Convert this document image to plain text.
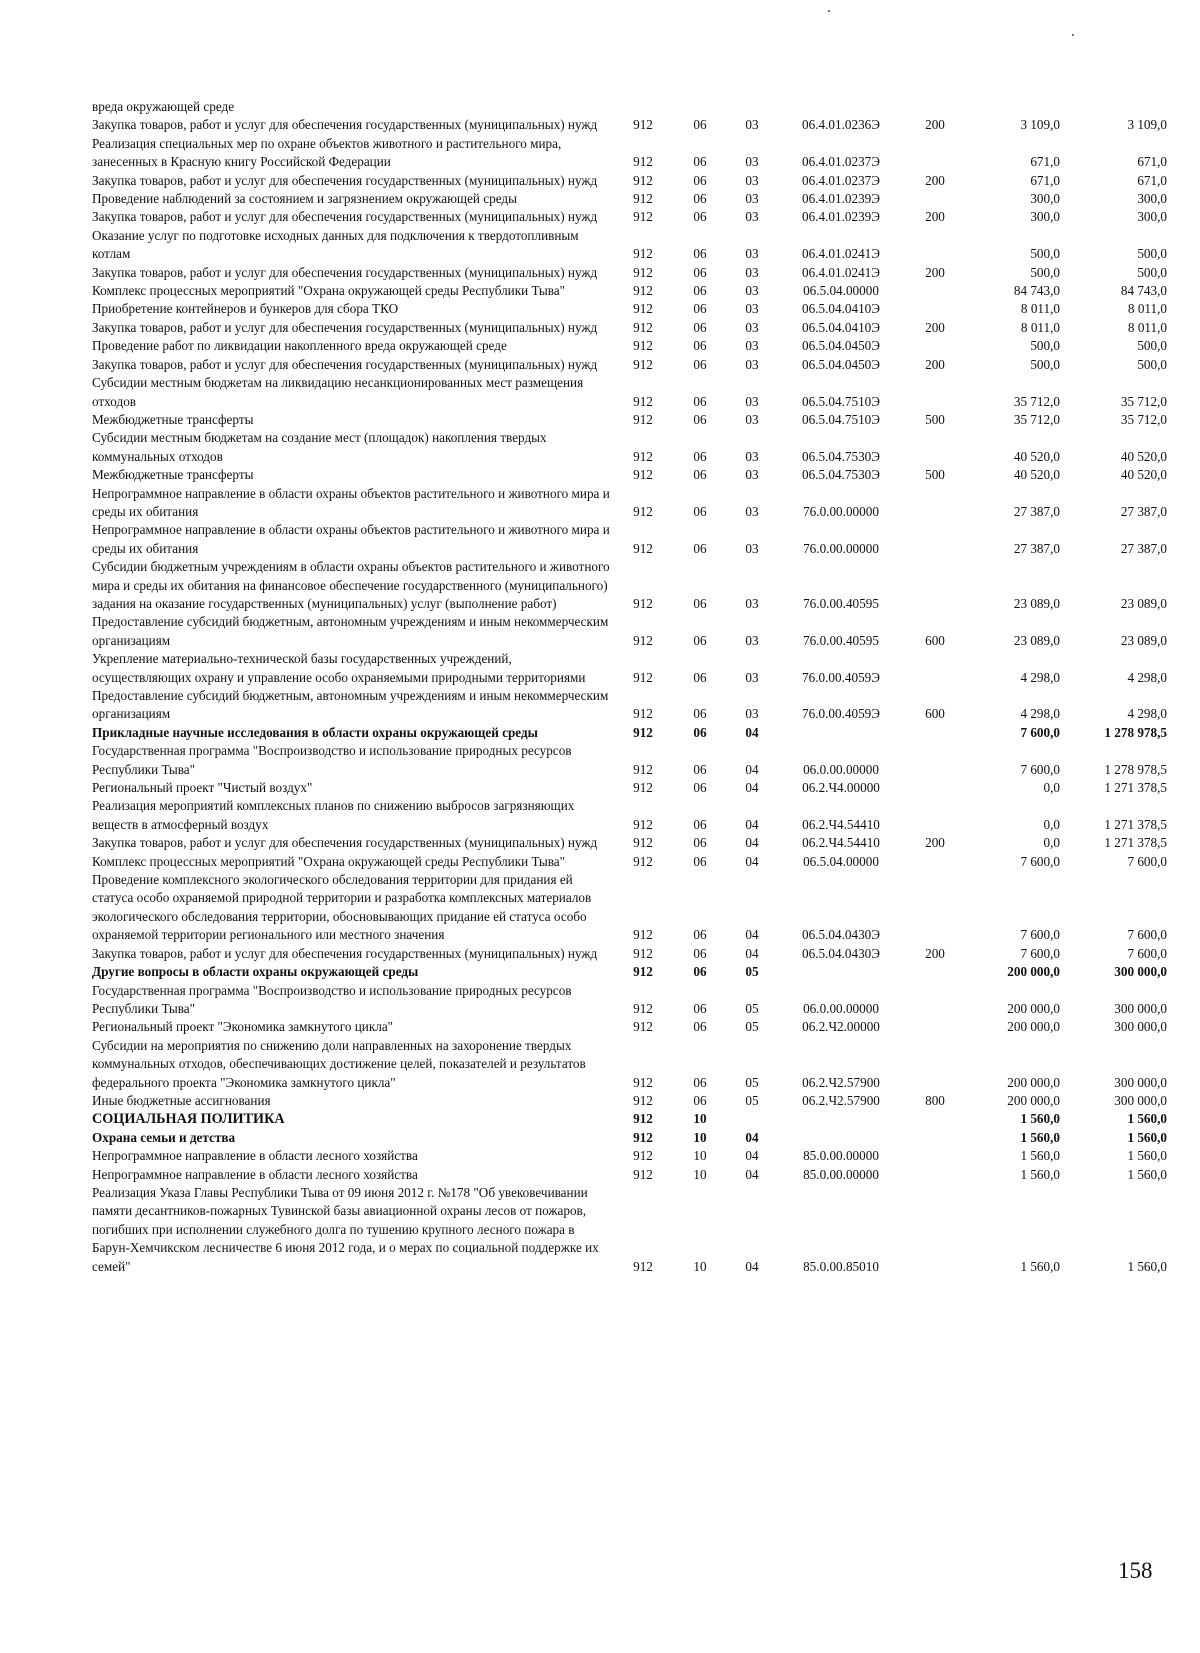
вреда окружающей среде							
Закупка товаров, работ и услуг для обеспечения государственных (муниципальных) нужд	912	06	03	06.4.01.0236Э	200	3 109,0	3 109,0
Реализация специальных мер по охране объектов животного и растительного мира, занесенных в Красную книгу Российской Федерации	912	06	03	06.4.01.0237Э		671,0	671,0
Закупка товаров, работ и услуг для обеспечения государственных (муниципальных) нужд	912	06	03	06.4.01.0237Э	200	671,0	671,0
Проведение наблюдений за состоянием и загрязнением окружающей среды	912	06	03	06.4.01.0239Э		300,0	300,0
Закупка товаров, работ и услуг для обеспечения государственных (муниципальных) нужд	912	06	03	06.4.01.0239Э	200	300,0	300,0
Оказание услуг по подготовке исходных данных для подключения к твердотопливным котлам	912	06	03	06.4.01.0241Э		500,0	500,0
Закупка товаров, работ и услуг для обеспечения государственных (муниципальных) нужд	912	06	03	06.4.01.0241Э	200	500,0	500,0
Комплекс процессных мероприятий "Охрана окружающей среды Республики Тыва"	912	06	03	06.5.04.00000		84 743,0	84 743,0
Приобретение контейнеров и бункеров для сбора ТКО	912	06	03	06.5.04.0410Э		8 011,0	8 011,0
Закупка товаров, работ и услуг для обеспечения государственных (муниципальных) нужд	912	06	03	06.5.04.0410Э	200	8 011,0	8 011,0
Проведение работ по ликвидации накопленного вреда окружающей среде	912	06	03	06.5.04.0450Э		500,0	500,0
Закупка товаров, работ и услуг для обеспечения государственных (муниципальных) нужд	912	06	03	06.5.04.0450Э	200	500,0	500,0
Субсидии местным бюджетам на ликвидацию несанкционированных мест размещения отходов	912	06	03	06.5.04.7510Э		35 712,0	35 712,0
Межбюджетные трансферты	912	06	03	06.5.04.7510Э	500	35 712,0	35 712,0
Субсидии местным бюджетам на создание мест (площадок) накопления твердых коммунальных отходов	912	06	03	06.5.04.7530Э		40 520,0	40 520,0
Межбюджетные трансферты	912	06	03	06.5.04.7530Э	500	40 520,0	40 520,0
Непрограммное направление в области охраны объектов растительного и животного мира и среды их обитания	912	06	03	76.0.00.00000		27 387,0	27 387,0
Непрограммное направление в области охраны объектов растительного и животного мира и среды их обитания	912	06	03	76.0.00.00000		27 387,0	27 387,0
Субсидии бюджетным учреждениям в области охраны объектов растительного и животного мира и среды их обитания на финансовое обеспечение государственного (муниципального) задания на оказание государственных (муниципальных) услуг (выполнение работ)	912	06	03	76.0.00.40595		23 089,0	23 089,0
Предоставление субсидий бюджетным, автономным учреждениям и иным некоммерческим организациям	912	06	03	76.0.00.40595	600	23 089,0	23 089,0
Укрепление материально-технической базы государственных учреждений, осуществляющих охрану и управление особо охраняемыми природными территориями	912	06	03	76.0.00.4059Э		4 298,0	4 298,0
Предоставление субсидий бюджетным, автономным учреждениям и иным некоммерческим организациям	912	06	03	76.0.00.4059Э	600	4 298,0	4 298,0
Прикладные научные исследования в области охраны окружающей среды	912	06	04			7 600,0	1 278 978,5
Государственная программа "Воспроизводство и использование природных ресурсов Республики Тыва"	912	06	04	06.0.00.00000		7 600,0	1 278 978,5
Региональный проект "Чистый воздух"	912	06	04	06.2.Ч4.00000		0,0	1 271 378,5
Реализация мероприятий комплексных планов по снижению выбросов загрязняющих веществ в атмосферный воздух	912	06	04	06.2.Ч4.54410		0,0	1 271 378,5
Закупка товаров, работ и услуг для обеспечения государственных (муниципальных) нужд	912	06	04	06.2.Ч4.54410	200	0,0	1 271 378,5
Комплекс процессных мероприятий "Охрана окружающей среды Республики Тыва"	912	06	04	06.5.04.00000		7 600,0	7 600,0
Проведение комплексного экологического обследования территории для придания ей статуса особо охраняемой природной территории и разработка комплексных материалов экологического обследования территории, обосновывающих придание ей статуса особо охраняемой территории регионального или местного значения	912	06	04	06.5.04.0430Э		7 600,0	7 600,0
Закупка товаров, работ и услуг для обеспечения государственных (муниципальных) нужд	912	06	04	06.5.04.0430Э	200	7 600,0	7 600,0
Другие вопросы в области охраны окружающей среды	912	06	05			200 000,0	300 000,0
Государственная программа "Воспроизводство и использование природных ресурсов Республики Тыва"	912	06	05	06.0.00.00000		200 000,0	300 000,0
Региональный проект "Экономика замкнутого цикла"	912	06	05	06.2.Ч2.00000		200 000,0	300 000,0
Субсидии на мероприятия по снижению доли направленных на захоронение твердых коммунальных отходов, обеспечивающих достижение целей, показателей и результатов федерального проекта "Экономика замкнутого цикла"	912	06	05	06.2.Ч2.57900		200 000,0	300 000,0
Иные бюджетные ассигнования	912	06	05	06.2.Ч2.57900	800	200 000,0	300 000,0
СОЦИАЛЬНАЯ ПОЛИТИКА	912	10				1 560,0	1 560,0
Охрана семьи и детства	912	10	04			1 560,0	1 560,0
Непрограммное направление в области лесного хозяйства	912	10	04	85.0.00.00000		1 560,0	1 560,0
Непрограммное направление в области лесного хозяйства	912	10	04	85.0.00.00000		1 560,0	1 560,0
Реализация Указа Главы Республики Тыва от 09 июня 2012 г. №178 "Об увековечивании памяти десантников-пожарных Тувинской базы авиационной охраны лесов от пожаров, погибших при исполнении служебного долга по тушению крупного лесного пожара в Барун-Хемчикском лесничестве 6 июня 2012 года, и о мерах по социальной поддержке их семей"	912	10	04	85.0.00.85010		1 560,0	1 560,0
158
